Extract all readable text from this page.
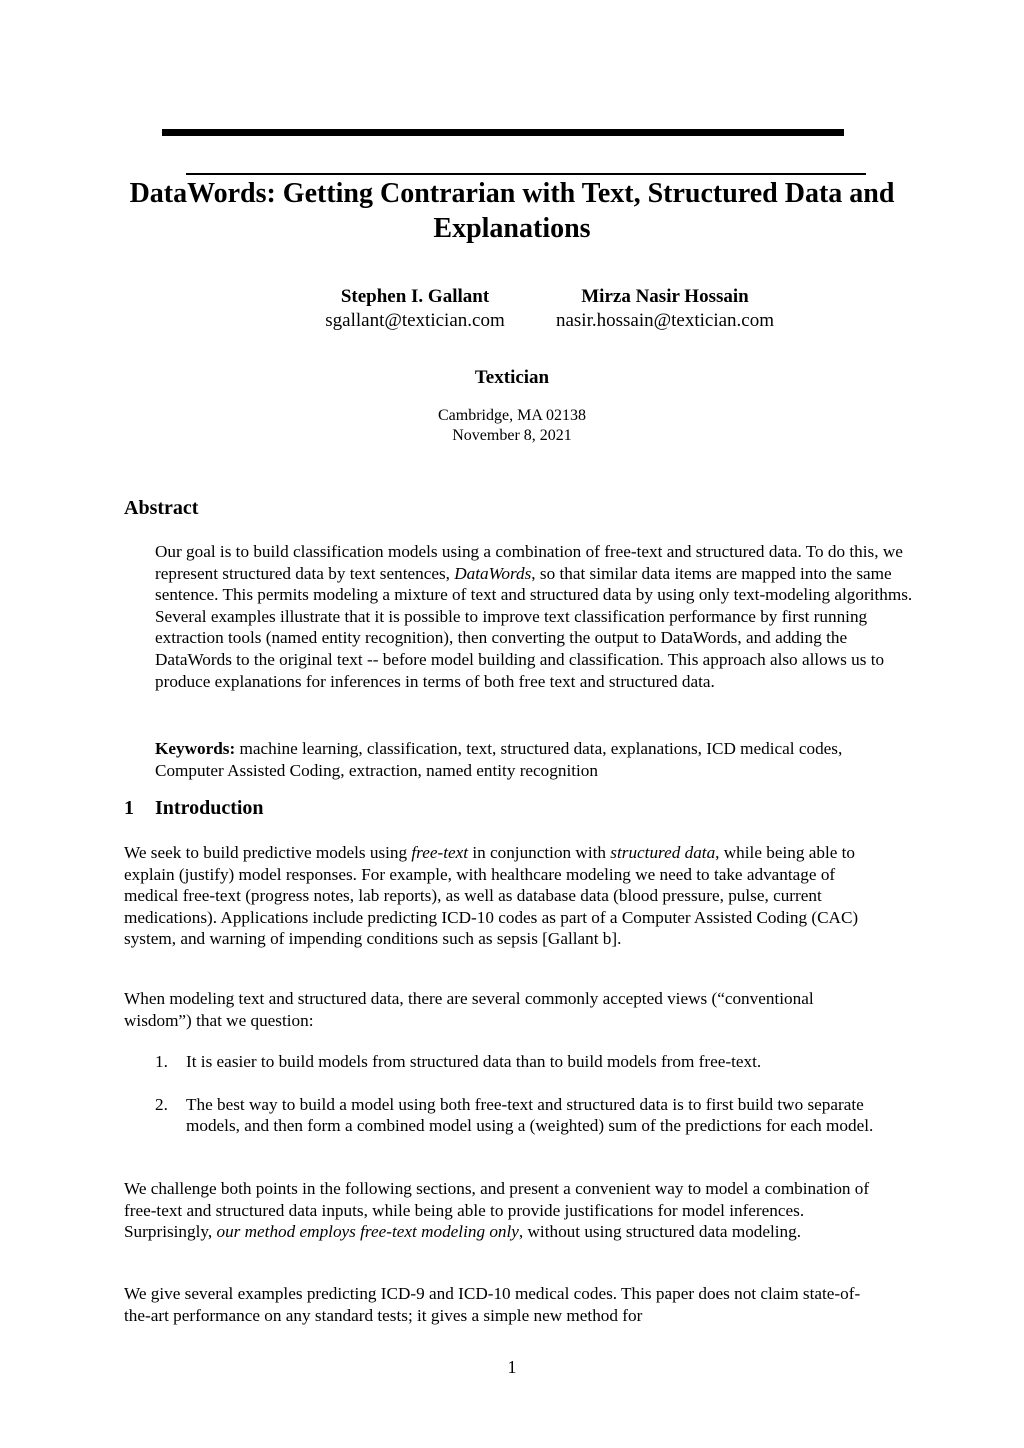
DataWords: Getting Contrarian with Text, Structured Data and Explanations
Stephen I. Gallant
sgallant@textician.com
Mirza Nasir Hossain
nasir.hossain@textician.com
Textician
Cambridge, MA 02138
November 8, 2021
Abstract

Our goal is to build classification models using a combination of free-text and structured data. To do this, we represent structured data by text sentences, DataWords, so that similar data items are mapped into the same sentence. This permits modeling a mixture of text and structured data by using only text-modeling algorithms. Several examples illustrate that it is possible to improve text classification performance by first running extraction tools (named entity recognition), then converting the output to DataWords, and adding the DataWords to the original text -- before model building and classification. This approach also allows us to produce explanations for inferences in terms of both free text and structured data.

Keywords: machine learning, classification, text, structured data, explanations, ICD medical codes, Computer Assisted Coding, extraction, named entity recognition

1 Introduction

We seek to build predictive models using free-text in conjunction with structured data, while being able to explain (justify) model responses. For example, with healthcare modeling we need to take advantage of medical free-text (progress notes, lab reports), as well as database data (blood pressure, pulse, current medications). Applications include predicting ICD-10 codes as part of a Computer Assisted Coding (CAC) system, and warning of impending conditions such as sepsis [Gallant b].

When modeling text and structured data, there are several commonly accepted views (“conventional wisdom”) that we question:

1. It is easier to build models from structured data than to build models from free-text.
2. The best way to build a model using both free-text and structured data is to first build two separate models, and then form a combined model using a (weighted) sum of the predictions for each model.

We challenge both points in the following sections, and present a convenient way to model a combination of free-text and structured data inputs, while being able to provide justifications for model inferences. Surprisingly, our method employs free-text modeling only, without using structured data modeling.

We give several examples predicting ICD-9 and ICD-10 medical codes. This paper does not claim state-of-the-art performance on any standard tests; it gives a simple new method for

1
